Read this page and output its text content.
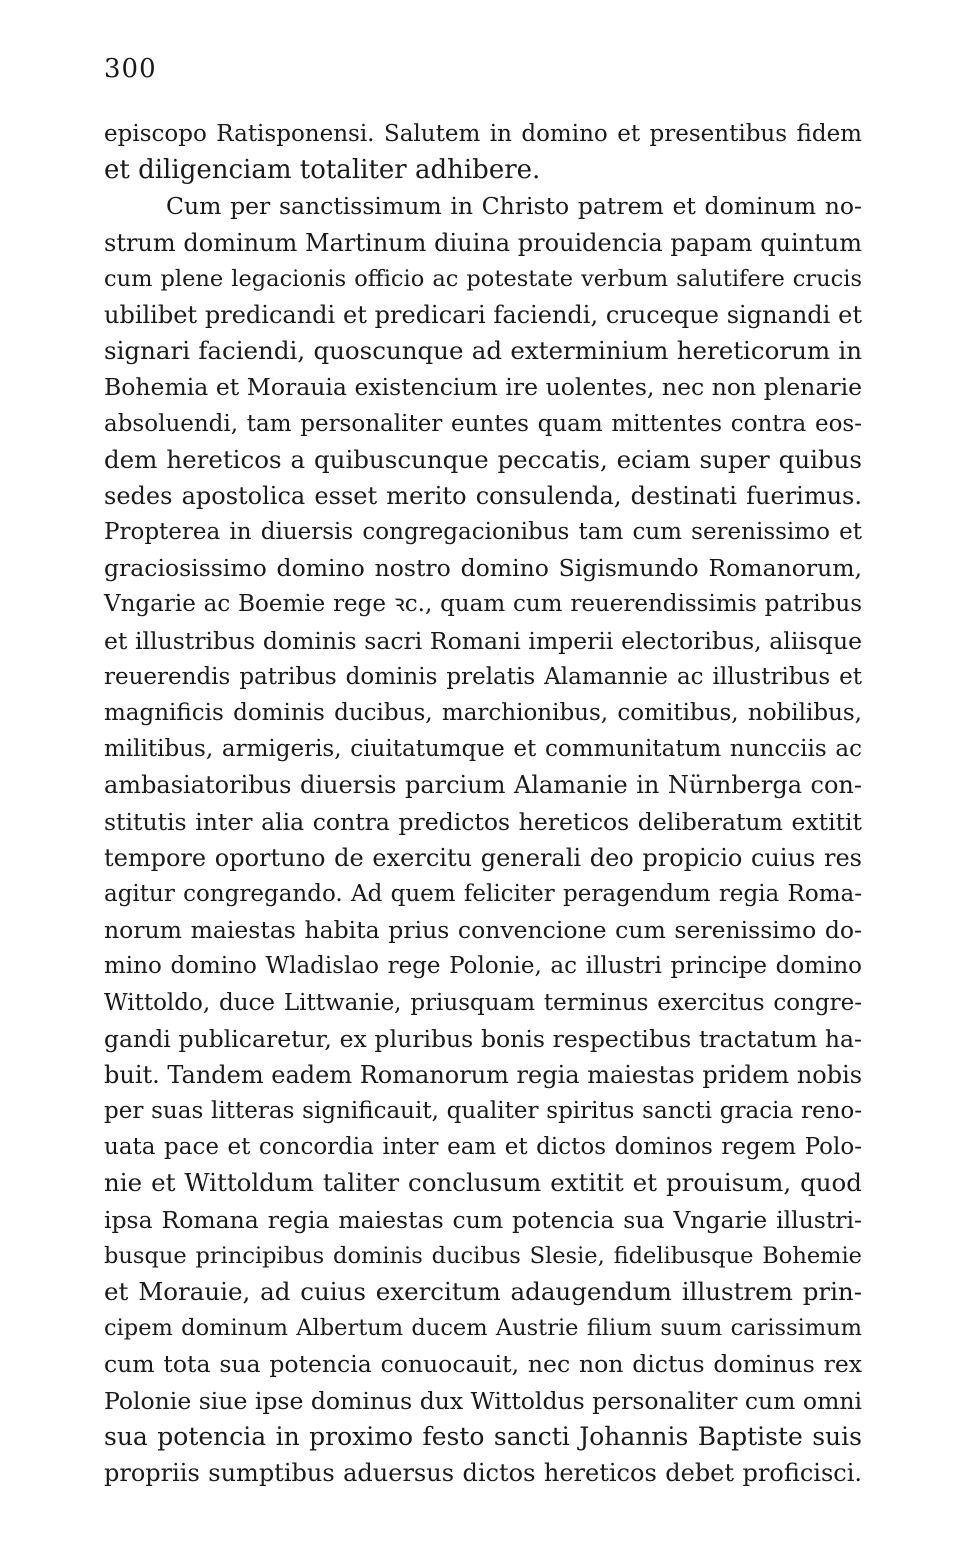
300
episcopo Ratisponensi. Salutem in domino et presentibus fidem
et diligenciam totaliter adhibere.
Cum per sanctissimum in Christo patrem et dominum no-
strum dominum Martinum diuina prouidencia papam quintum
cum plene legacionis officio ac potestate verbum salutifere crucis
ubilibet predicandi et predicari faciendi, cruceque signandi et
signari faciendi, quoscunque ad exterminium hereticorum in
Bohemia et Morauia existencium ire uolentes, nec non plenarie
absoluendi, tam personaliter euntes quam mittentes contra eos-
dem hereticos a quibuscunque peccatis, eciam super quibus
sedes apostolica esset merito consulenda, destinati fuerimus.
Propterea in diuersis congregacionibus tam cum serenissimo et
graciosissimo domino nostro domino Sigismundo Romanorum,
Vngarie ac Boemie rege ꝛc., quam cum reuerendissimis patribus
et illustribus dominis sacri Romani imperii electoribus, aliisque
reuerendis patribus dominis prelatis Alamannie ac illustribus et
magnificis dominis ducibus, marchionibus, comitibus, nobilibus,
militibus, armigeris, ciuitatumque et communitatum nuncciis ac
ambasiatoribus diuersis parcium Alamanie in Nürnberga con-
stitutis inter alia contra predictos hereticos deliberatum extitit
tempore oportuno de exercitu generali deo propicio cuius res
agitur congregando. Ad quem feliciter peragendum regia Roma-
norum maiestas habita prius convencione cum serenissimo do-
mino domino Wladislao rege Polonie, ac illustri principe domino
Wittoldo, duce Littwanie, priusquam terminus exercitus congre-
gandi publicaretur, ex pluribus bonis respectibus tractatum ha-
buit. Tandem eadem Romanorum regia maiestas pridem nobis
per suas litteras significauit, qualiter spiritus sancti gracia reno-
uata pace et concordia inter eam et dictos dominos regem Polo-
nie et Wittoldum taliter conclusum extitit et prouisum, quod
ipsa Romana regia maiestas cum potencia sua Vngarie illustri-
busque principibus dominis ducibus Slesie, fidelibusque Bohemie
et Morauie, ad cuius exercitum adaugendum illustrem prin-
cipem dominum Albertum ducem Austrie filium suum carissimum
cum tota sua potencia conuocauit, nec non dictus dominus rex
Polonie siue ipse dominus dux Wittoldus personaliter cum omni
sua potencia in proximo festo sancti Johannis Baptiste suis
propriis sumptibus aduersus dictos hereticos debet proficisci.
